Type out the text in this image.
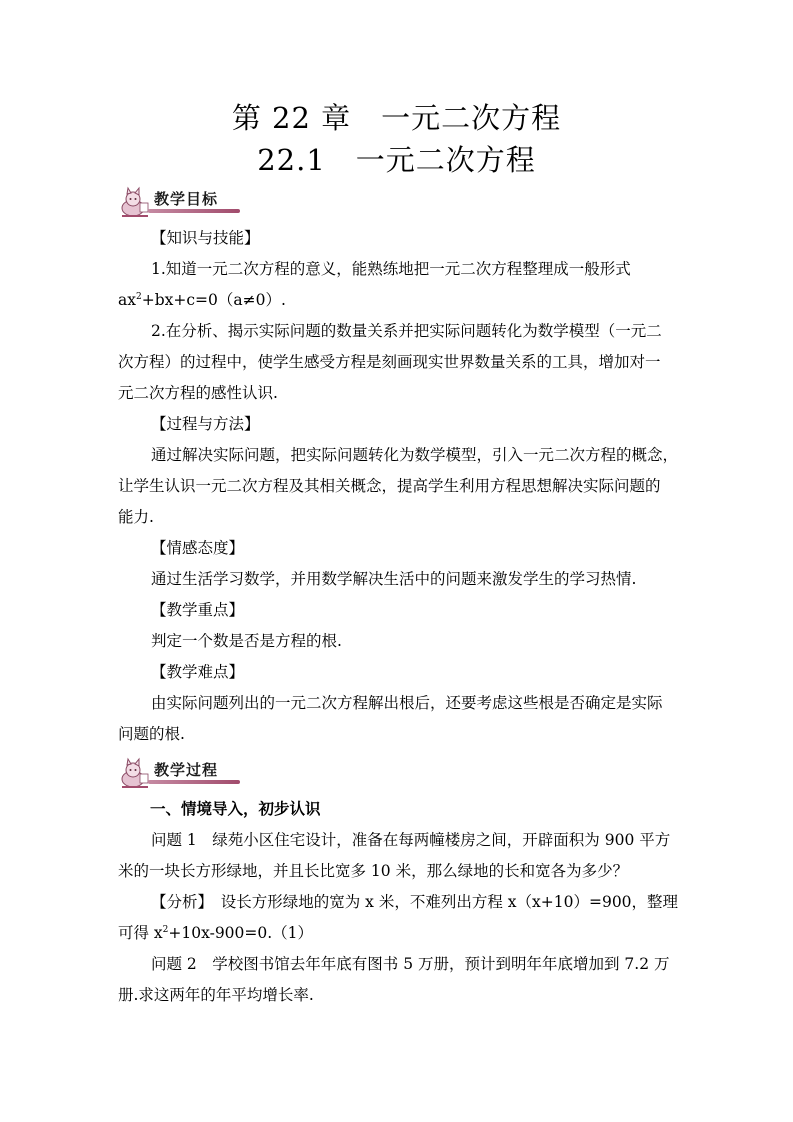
第 22 章　一元二次方程
22.1　一元二次方程
教学目标
【知识与技能】
1.知道一元二次方程的意义，能熟练地把一元二次方程整理成一般形式
$ax^2+bx+c=0(a\ne 0)$.
2.在分析、揭示实际问题的数量关系并把实际问题转化为数学模型（一元二
次方程）的过程中，使学生感受方程是刻画现实世界数量关系的工具，增加对一
元二次方程的感性认识.
【过程与方法】
通过解决实际问题，把实际问题转化为数学模型，引入一元二次方程的概念，
让学生认识一元二次方程及其相关概念，提高学生利用方程思想解决实际问题的
能力.
【情感态度】
通过生活学习数学，并用数学解决生活中的问题来激发学生的学习热情.
【教学重点】
判定一个数是否是方程的根.
【教学难点】
由实际问题列出的一元二次方程解出根后，还要考虑这些根是否确定是实际
问题的根.
教学过程
一、情境导入，初步认识
问题 1　绿苑小区住宅设计，准备在每两幢楼房之间，开辟面积为 900 平方
米的一块长方形绿地，并且长比宽多 10 米，那么绿地的长和宽各为多少？
【分析】　设长方形绿地的宽为 x 米，不难列出方程 x（x+10）=900，整理
可得 $x^2+10x-900=0.(1)$
问题 2　学校图书馆去年年底有图书 5 万册，预计到明年年底增加到 7.2 万
册.求这两年的年平均增长率.
